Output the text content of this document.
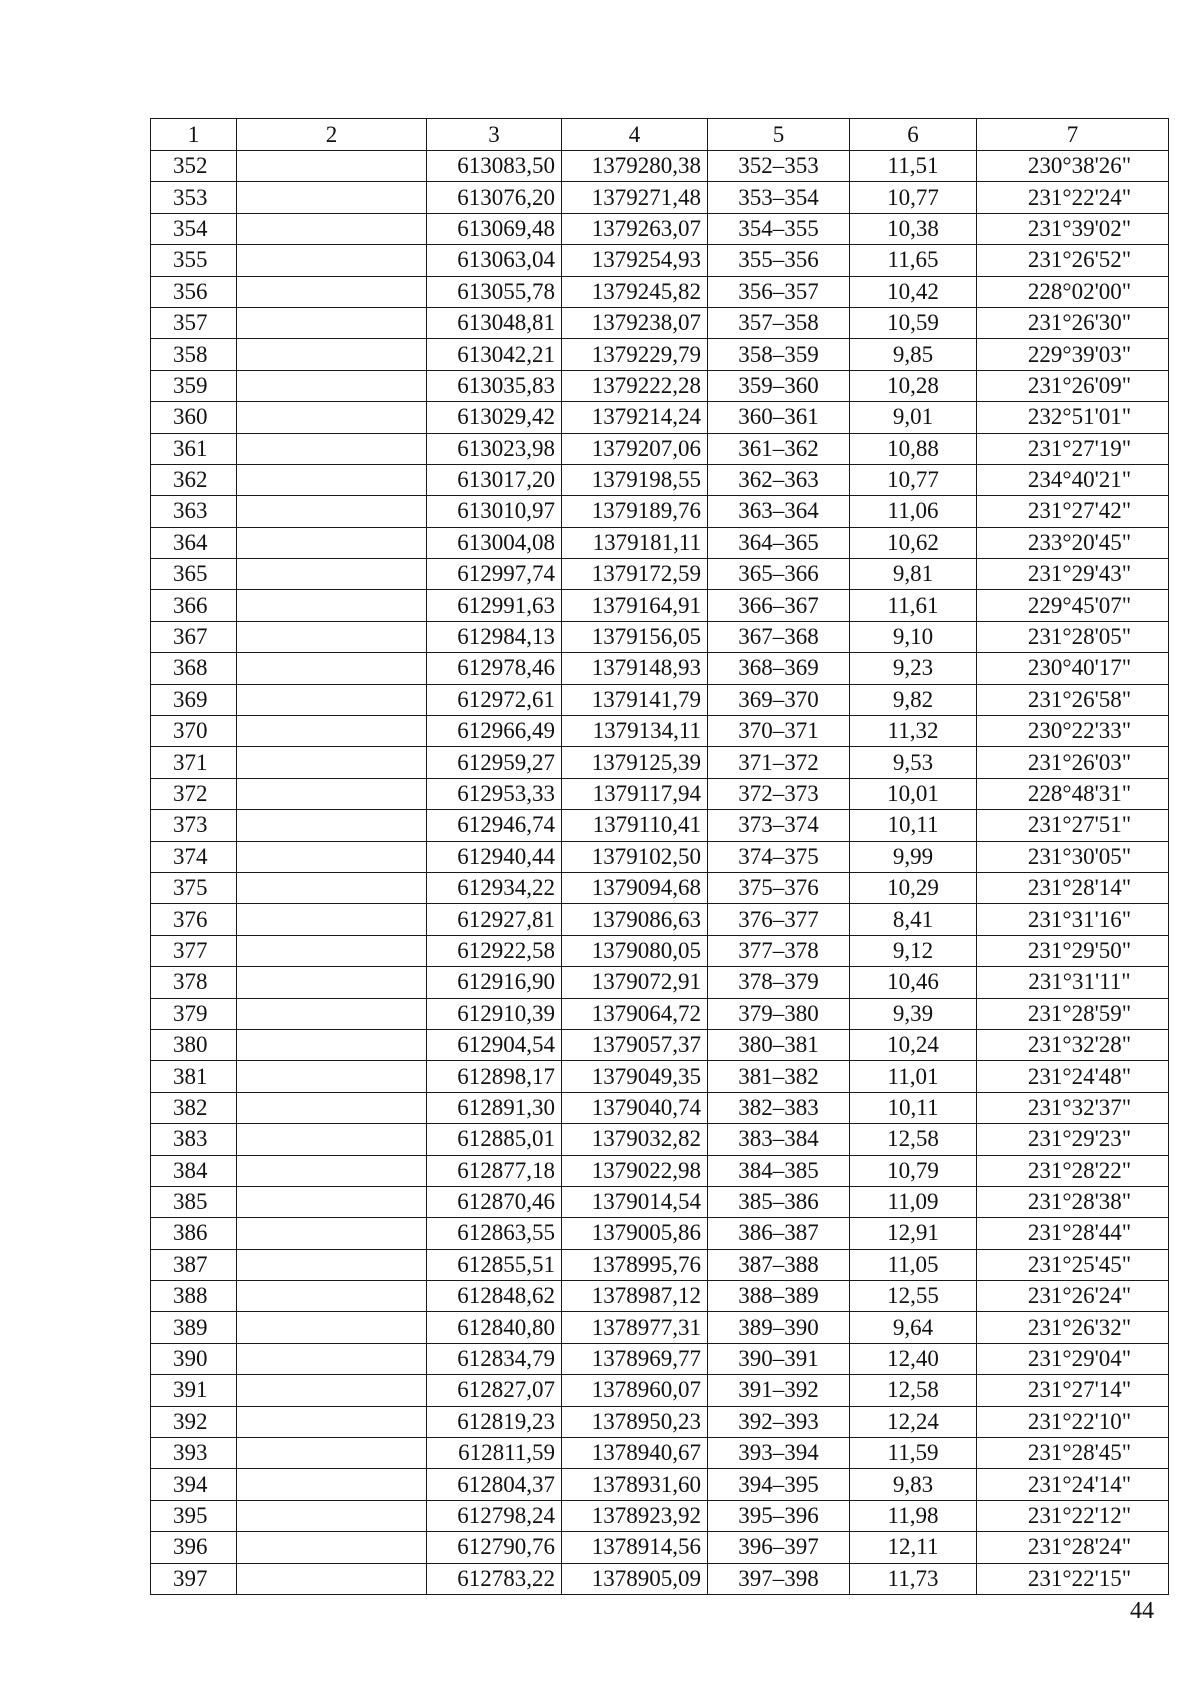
1	2	3	4	5	6	7
352		613083,50	1379280,38	352–353	11,51	230°38'26"
353		613076,20	1379271,48	353–354	10,77	231°22'24"
354		613069,48	1379263,07	354–355	10,38	231°39'02"
355		613063,04	1379254,93	355–356	11,65	231°26'52"
356		613055,78	1379245,82	356–357	10,42	228°02'00"
357		613048,81	1379238,07	357–358	10,59	231°26'30"
358		613042,21	1379229,79	358–359	9,85	229°39'03"
359		613035,83	1379222,28	359–360	10,28	231°26'09"
360		613029,42	1379214,24	360–361	9,01	232°51'01"
361		613023,98	1379207,06	361–362	10,88	231°27'19"
362		613017,20	1379198,55	362–363	10,77	234°40'21"
363		613010,97	1379189,76	363–364	11,06	231°27'42"
364		613004,08	1379181,11	364–365	10,62	233°20'45"
365		612997,74	1379172,59	365–366	9,81	231°29'43"
366		612991,63	1379164,91	366–367	11,61	229°45'07"
367		612984,13	1379156,05	367–368	9,10	231°28'05"
368		612978,46	1379148,93	368–369	9,23	230°40'17"
369		612972,61	1379141,79	369–370	9,82	231°26'58"
370		612966,49	1379134,11	370–371	11,32	230°22'33"
371		612959,27	1379125,39	371–372	9,53	231°26'03"
372		612953,33	1379117,94	372–373	10,01	228°48'31"
373		612946,74	1379110,41	373–374	10,11	231°27'51"
374		612940,44	1379102,50	374–375	9,99	231°30'05"
375		612934,22	1379094,68	375–376	10,29	231°28'14"
376		612927,81	1379086,63	376–377	8,41	231°31'16"
377		612922,58	1379080,05	377–378	9,12	231°29'50"
378		612916,90	1379072,91	378–379	10,46	231°31'11"
379		612910,39	1379064,72	379–380	9,39	231°28'59"
380		612904,54	1379057,37	380–381	10,24	231°32'28"
381		612898,17	1379049,35	381–382	11,01	231°24'48"
382		612891,30	1379040,74	382–383	10,11	231°32'37"
383		612885,01	1379032,82	383–384	12,58	231°29'23"
384		612877,18	1379022,98	384–385	10,79	231°28'22"
385		612870,46	1379014,54	385–386	11,09	231°28'38"
386		612863,55	1379005,86	386–387	12,91	231°28'44"
387		612855,51	1378995,76	387–388	11,05	231°25'45"
388		612848,62	1378987,12	388–389	12,55	231°26'24"
389		612840,80	1378977,31	389–390	9,64	231°26'32"
390		612834,79	1378969,77	390–391	12,40	231°29'04"
391		612827,07	1378960,07	391–392	12,58	231°27'14"
392		612819,23	1378950,23	392–393	12,24	231°22'10"
393		612811,59	1378940,67	393–394	11,59	231°28'45"
394		612804,37	1378931,60	394–395	9,83	231°24'14"
395		612798,24	1378923,92	395–396	11,98	231°22'12"
396		612790,76	1378914,56	396–397	12,11	231°28'24"
397		612783,22	1378905,09	397–398	11,73	231°22'15"
44
